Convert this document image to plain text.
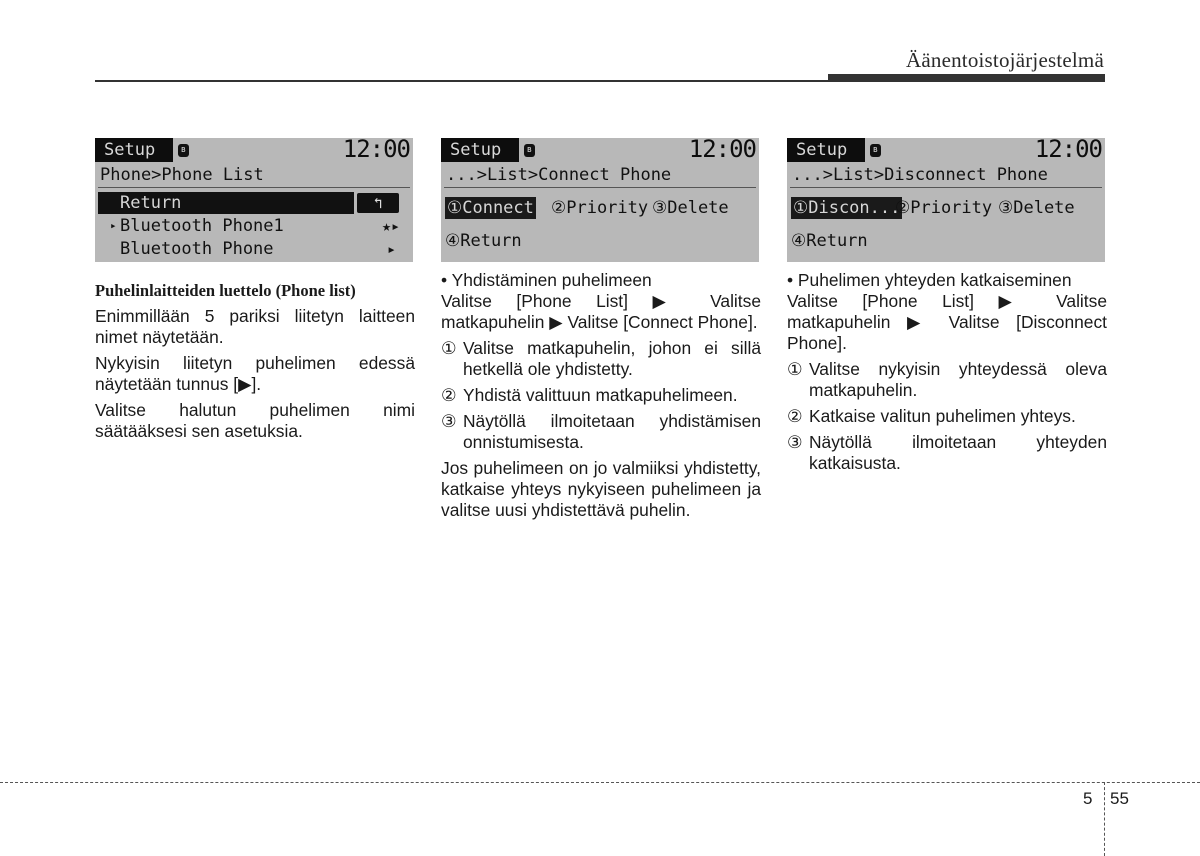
Äänentoistojärjestelmä
Setup	ʙ	12:00
Phone>Phone List
Return	↰
▸ Bluetooth Phone1	★▸
Bluetooth Phone	▸
Setup	ʙ	12:00
...>List>Connect Phone
①Connect ②Priority ③Delete
④Return
Setup	ʙ	12:00
...>List>Disconnect Phone
①Discon...
②Priority ③Delete
④Return
Puhelinlaitteiden luettelo (Phone list)

Enimmillään 5 pariksi liitetyn laitteen nimet näytetään.

Nykyisin liitetyn puhelimen edessä näytetään tunnus [▶].

Valitse halutun puhelimen nimi säätääksesi sen asetuksia.

• Yhdistäminen puhelimeen

Valitse [Phone List] ▶ Valitse matkapuhelin ▶ Valitse [Connect Phone].

① Valitse matkapuhelin, johon ei sillä hetkellä ole yhdistetty.
② Yhdistä valittuun matkapuhelimeen.
③ Näytöllä ilmoitetaan yhdistämisen onnistumisesta.

Jos puhelimeen on jo valmiiksi yhdistetty, katkaise yhteys nykyiseen puhelimeen ja valitse uusi yhdistettävä puhelin.

• Puhelimen yhteyden katkaiseminen

Valitse [Phone List] ▶ Valitse matkapuhelin ▶ Valitse [Disconnect Phone].

① Valitse nykyisin yhteydessä oleva matkapuhelin.
② Katkaise valitun puhelimen yhteys.
③ Näytöllä ilmoitetaan yhteyden katkaisusta.
5 55
